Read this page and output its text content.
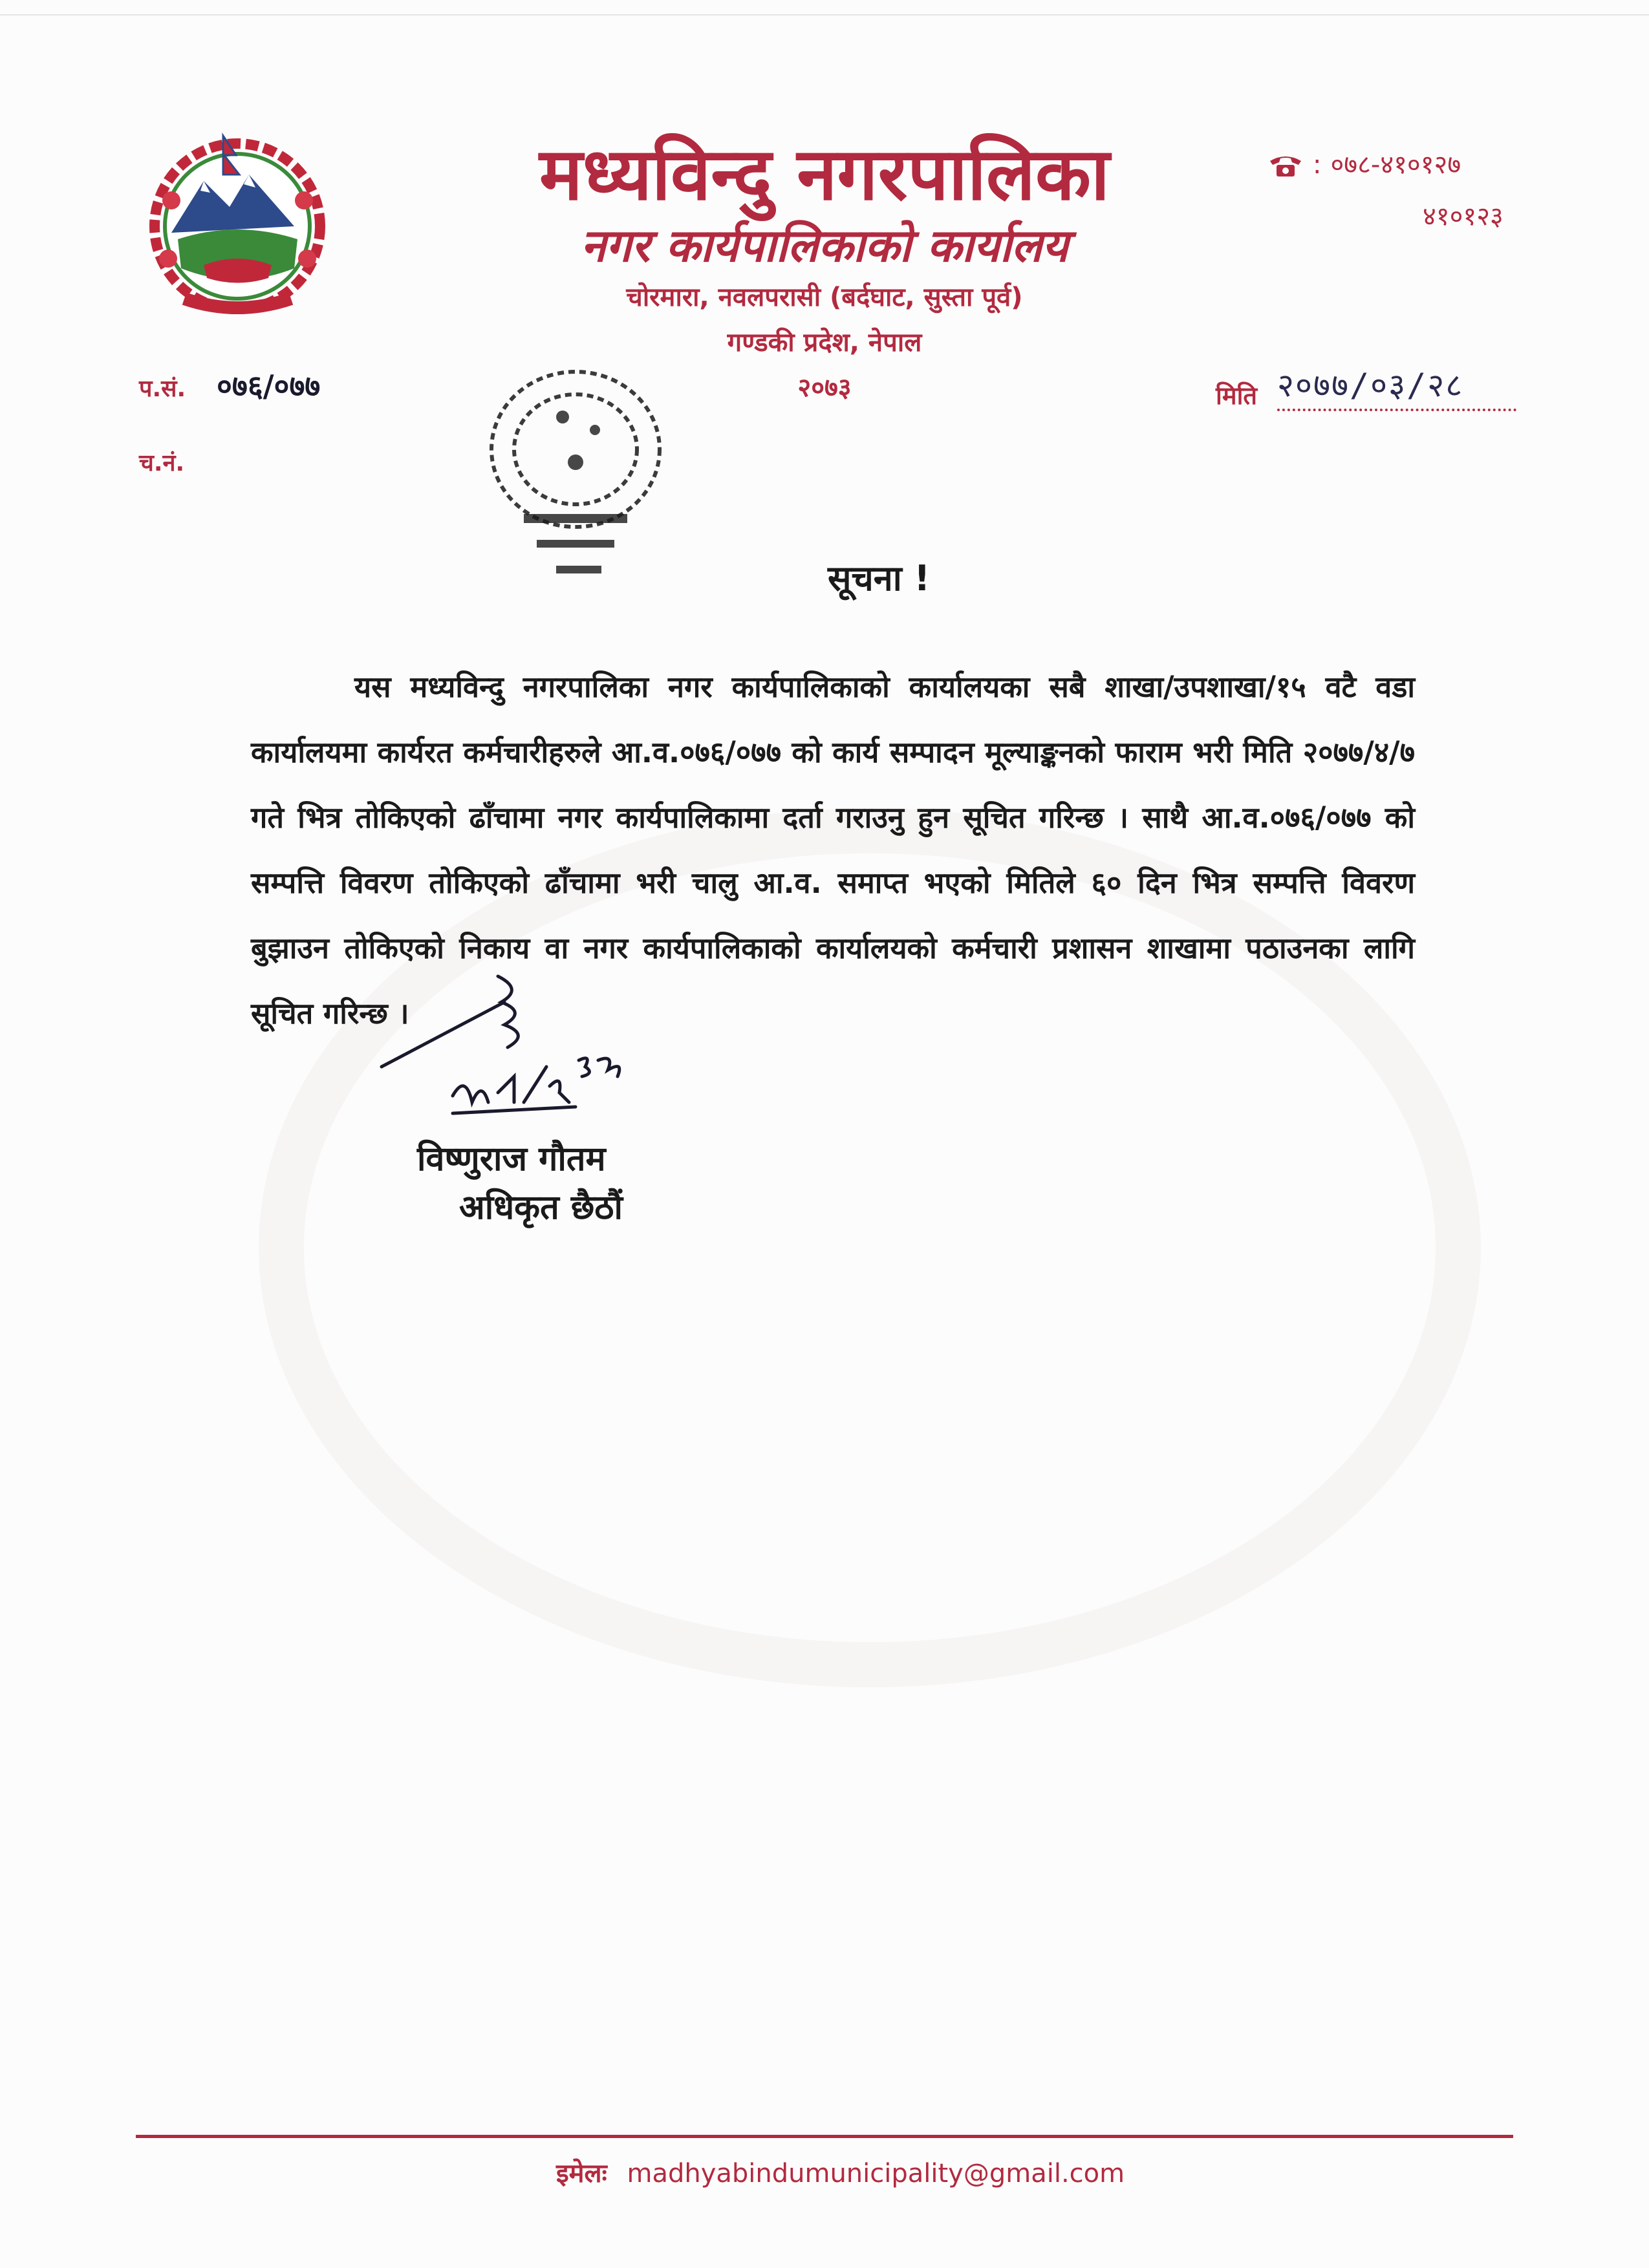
मध्यविन्दु नगरपालिका
नगर कार्यपालिकाको कार्यालय
चोरमारा, नवलपरासी (बर्दघाट, सुस्ता पूर्व)
गण्डकी प्रदेश, नेपाल
२०७३
: ०७८-४१०१२७
४१०१२३
प.सं. ०७६/०७७
च.नं.
मिति २०७७/०३/२८
सूचना !
यस मध्यविन्दु नगरपालिका नगर कार्यपालिकाको कार्यालयका सबै शाखा/उपशाखा/१५ वटै वडा कार्यालयमा कार्यरत कर्मचारीहरुले आ.व.०७६/०७७ को कार्य सम्पादन मूल्याङ्कनको फाराम भरी मिति २०७७/४/७ गते भित्र तोकिएको ढाँचामा नगर कार्यपालिकामा दर्ता गराउनु हुन सूचित गरिन्छ । साथै आ.व.०७६/०७७ को सम्पत्ति विवरण तोकिएको ढाँचामा भरी चालु आ.व. समाप्त भएको मितिले ६० दिन भित्र सम्पत्ति विवरण बुझाउन तोकिएको निकाय वा नगर कार्यपालिकाको कार्यालयको कर्मचारी प्रशासन शाखामा पठाउनका लागि सूचित गरिन्छ ।
विष्णुराज गौतम
अधिकृत छैठौं
इमेलः madhyabindumunicipality@gmail.com
